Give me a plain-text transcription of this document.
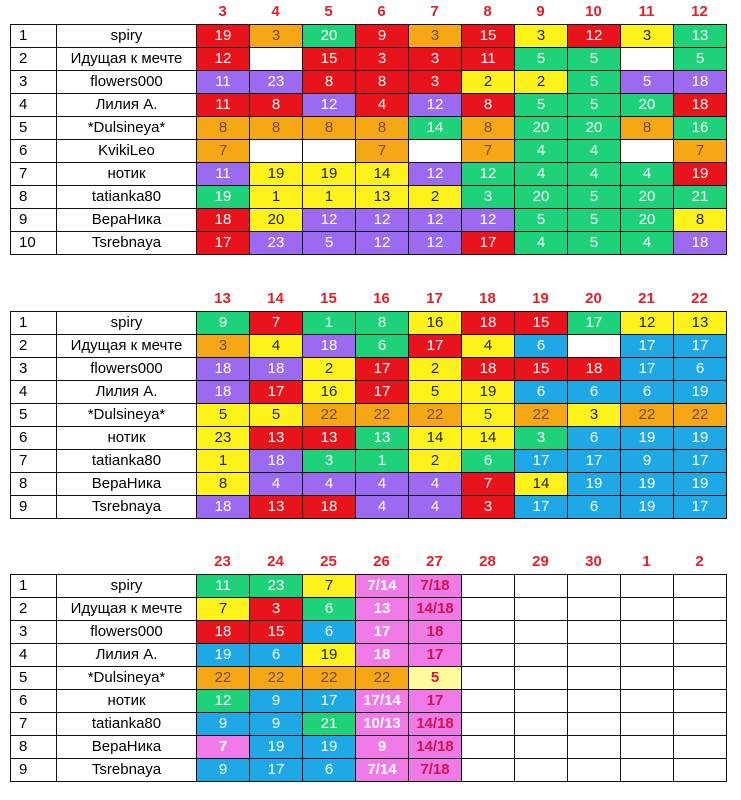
3	4	5	6	7	8	9	10	11	12
1	spiry	19	3	20	9	3	15	3	12	3	13
2	Идущая к мечте	12		15	3	3	11	5	5		5
3	flowers000	11	23	8	8	3	2	2	5	5	18
4	Лилия А.	11	8	12	4	12	8	5	5	20	18
5	*Dulsineya*	8	8	8	8	14	8	20	20	8	16
6	KvikiLeo	7			7		7	4	4		7
7	нотик	11	19	19	14	12	12	4	4	4	19
8	tatianka80	19	1	1	13	2	3	20	5	20	21
9	ВераНика	18	20	12	12	12	12	5	5	20	8
10	Tsrebnaya	17	23	5	12	12	17	4	5	4	18
13	14	15	16	17	18	19	20	21	22
1	spiry	9	7	1	8	16	18	15	17	12	13
2	Идущая к мечте	3	4	18	6	17	4	6		17	17
3	flowers000	18	18	2	17	2	18	15	18	17	6
4	Лилия А.	18	17	16	17	5	19	6	6	6	19
5	*Dulsineya*	5	5	22	22	22	5	22	3	22	22
6	нотик	23	13	13	13	14	14	3	6	19	19
7	tatianka80	1	18	3	1	2	6	17	17	9	17
8	ВераНика	8	4	4	4	4	7	14	19	19	19
9	Tsrebnaya	18	13	18	4	4	3	17	6	19	17
23	24	25	26	27	28	29	30	1	2
1	spiry	11	23	7	7/14	7/18					
2	Идущая к мечте	7	3	6	13	14/18					
3	flowers000	18	15	6	17	18					
4	Лилия А.	19	6	19	18	17					
5	*Dulsineya*	22	22	22	22	5					
6	нотик	12	9	17	17/14	17					
7	tatianka80	9	9	21	10/13	14/18					
8	ВераНика	7	19	19	9	14/18					
9	Tsrebnaya	9	17	6	7/14	7/18					
